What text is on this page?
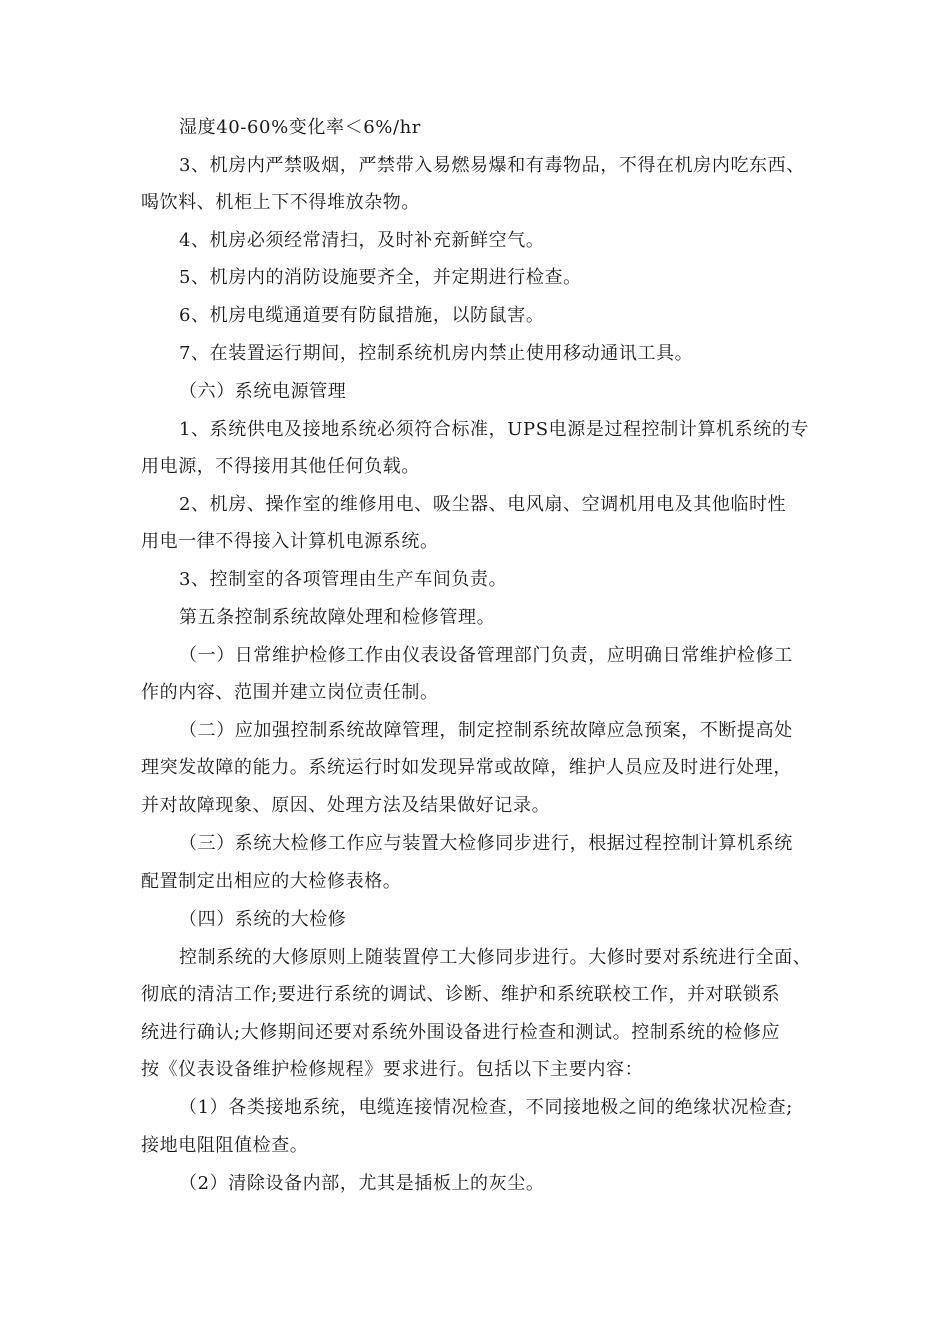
湿度40-60%变化率＜6%/hr
3、机房内严禁吸烟，严禁带入易燃易爆和有毒物品，不得在机房内吃东西、
喝饮料、机柜上下不得堆放杂物。
4、机房必须经常清扫，及时补充新鲜空气。
5、机房内的消防设施要齐全，并定期进行检查。
6、机房电缆通道要有防鼠措施，以防鼠害。
7、在装置运行期间，控制系统机房内禁止使用移动通讯工具。
（六）系统电源管理
1、系统供电及接地系统必须符合标准，UPS电源是过程控制计算机系统的专
用电源，不得接用其他任何负载。
2、机房、操作室的维修用电、吸尘器、电风扇、空调机用电及其他临时性
用电一律不得接入计算机电源系统。
3、控制室的各项管理由生产车间负责。
第五条控制系统故障处理和检修管理。
（一）日常维护检修工作由仪表设备管理部门负责，应明确日常维护检修工
作的内容、范围并建立岗位责任制。
（二）应加强控制系统故障管理，制定控制系统故障应急预案，不断提高处
理突发故障的能力。系统运行时如发现异常或故障，维护人员应及时进行处理，
并对故障现象、原因、处理方法及结果做好记录。
（三）系统大检修工作应与装置大检修同步进行，根据过程控制计算机系统
配置制定出相应的大检修表格。
（四）系统的大检修
控制系统的大修原则上随装置停工大修同步进行。大修时要对系统进行全面、
彻底的清洁工作;要进行系统的调试、诊断、维护和系统联校工作，并对联锁系
统进行确认;大修期间还要对系统外围设备进行检查和测试。控制系统的检修应
按《仪表设备维护检修规程》要求进行。包括以下主要内容：
（1）各类接地系统，电缆连接情况检查，不同接地极之间的绝缘状况检查;
接地电阻阻值检查。
（2）清除设备内部，尤其是插板上的灰尘。
